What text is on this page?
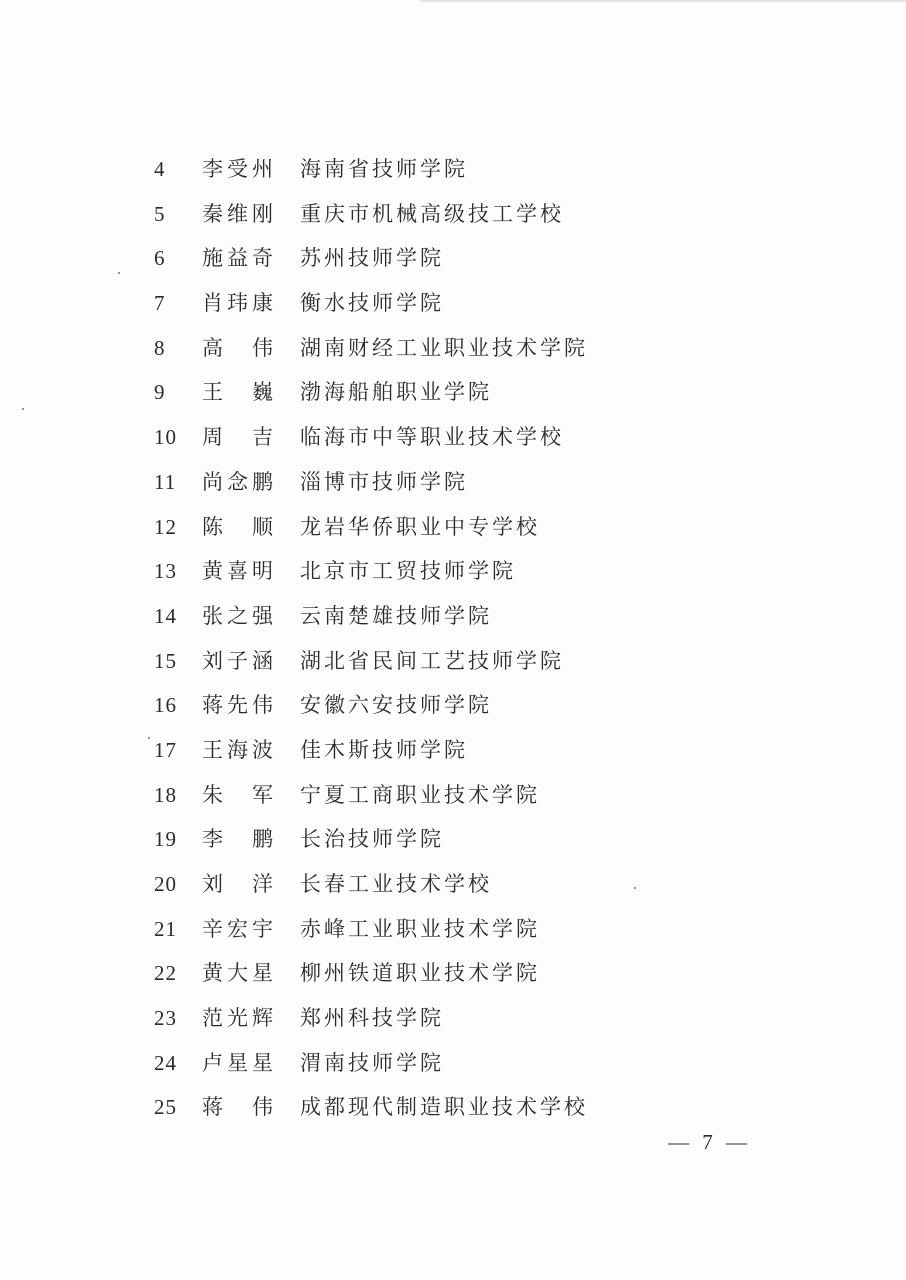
4	李受州 海南省技师学院
5	秦维刚 重庆市机械高级技工学校
6	施益奇 苏州技师学院
7	肖玮康 衡水技师学院
8	高伟 湖南财经工业职业技术学院
9	王巍 渤海船舶职业学院
10	周吉 临海市中等职业技术学校
11	尚念鹏 淄博市技师学院
12	陈顺 龙岩华侨职业中专学校
13	黄喜明 北京市工贸技师学院
14	张之强 云南楚雄技师学院
15	刘子涵 湖北省民间工艺技师学院
16	蒋先伟 安徽六安技师学院
17	王海波 佳木斯技师学院
18	朱军 宁夏工商职业技术学院
19	李鹏 长治技师学院
20	刘洋 长春工业技术学校
21	辛宏宇 赤峰工业职业技术学院
22	黄大星 柳州铁道职业技术学院
23	范光辉 郑州科技学院
24	卢星星 渭南技师学院
25	蒋伟 成都现代制造职业技术学校
— 7 —
